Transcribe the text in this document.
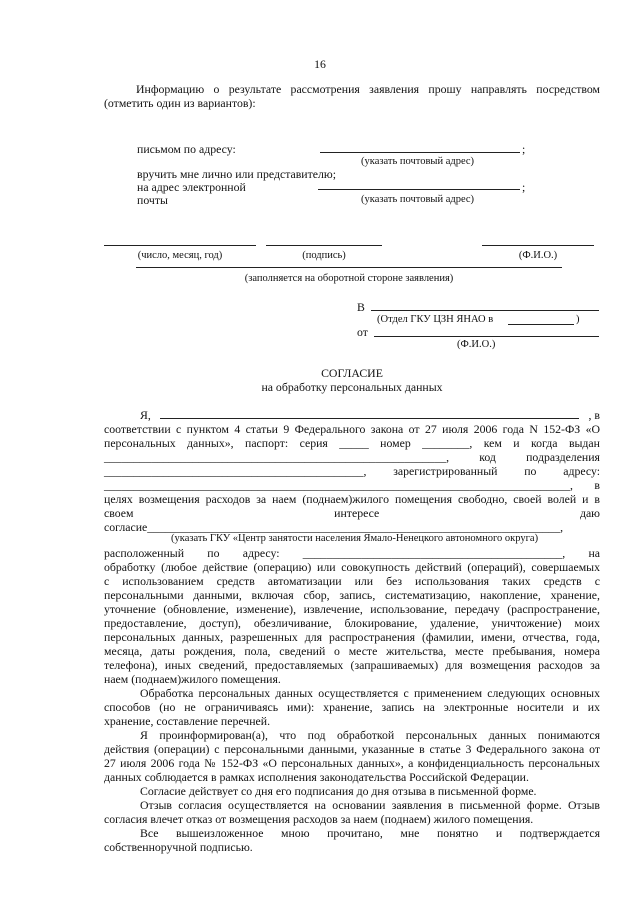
16
Информацию о результате рассмотрения заявления прошу направлять посредством
(отметить один из вариантов):
письмом по адресу:	;
(указать почтовый адрес)
вручить мне лично или представителю;
на адрес электронной
почты
;
(указать почтовый адрес)
(число, месяц, год)	(подпись)	(Ф.И.О.)
(заполняется на оборотной стороне заявления)
В
(Отдел ГКУ ЦЗН ЯНАО в	)
от
(Ф.И.О.)
СОГЛАСИЕ
на обработку персональных данных
Я,	, в
соответствии с пунктом 4 статьи 9 Федерального закона от 27 июля 2006 года N 152-ФЗ «О
персональных данных», паспорт: серия _____ номер ________, кем и когда выдан
__________________________________________________________, код подразделения
____________________________________________, зарегистрированный по адресу:
_______________________________________________________________________________, в
целях возмещения расходов за наем (поднаем)жилого помещения свободно, своей волей и в
своем интересе даю
согласие______________________________________________________________________,
(указать ГКУ «Центр занятости населения Ямало-Ненецкого автономного округа)
расположенный по адресу: ____________________________________________, на
обработку (любое действие (операцию) или совокупность действий (операций), совершаемых
с использованием средств автоматизации или без использования таких средств с
персональными данными, включая сбор, запись, систематизацию, накопление, хранение,
уточнение (обновление, изменение), извлечение, использование, передачу (распространение,
предоставление, доступ), обезличивание, блокирование, удаление, уничтожение) моих
персональных данных, разрешенных для распространения (фамилии, имени, отчества, года,
месяца, даты рождения, пола, сведений о месте жительства, месте пребывания, номера
телефона), иных сведений, предоставляемых (запрашиваемых) для возмещения расходов за
наем (поднаем)жилого помещения.
Обработка персональных данных осуществляется с применением следующих основных
способов (но не ограничиваясь ими): хранение, запись на электронные носители и их
хранение, составление перечней.
Я проинформирован(а), что под обработкой персональных данных понимаются
действия (операции) с персональными данными, указанные в статье 3 Федерального закона от
27 июля 2006 года № 152-ФЗ «О персональных данных», а конфиденциальность персональных
данных соблюдается в рамках исполнения законодательства Российской Федерации.
Согласие действует со дня его подписания до дня отзыва в письменной форме.
Отзыв согласия осуществляется на основании заявления в письменной форме. Отзыв
согласия влечет отказ от возмещения расходов за наем (поднаем) жилого помещения.
Все вышеизложенное мною прочитано, мне понятно и подтверждается
собственноручной подписью.
